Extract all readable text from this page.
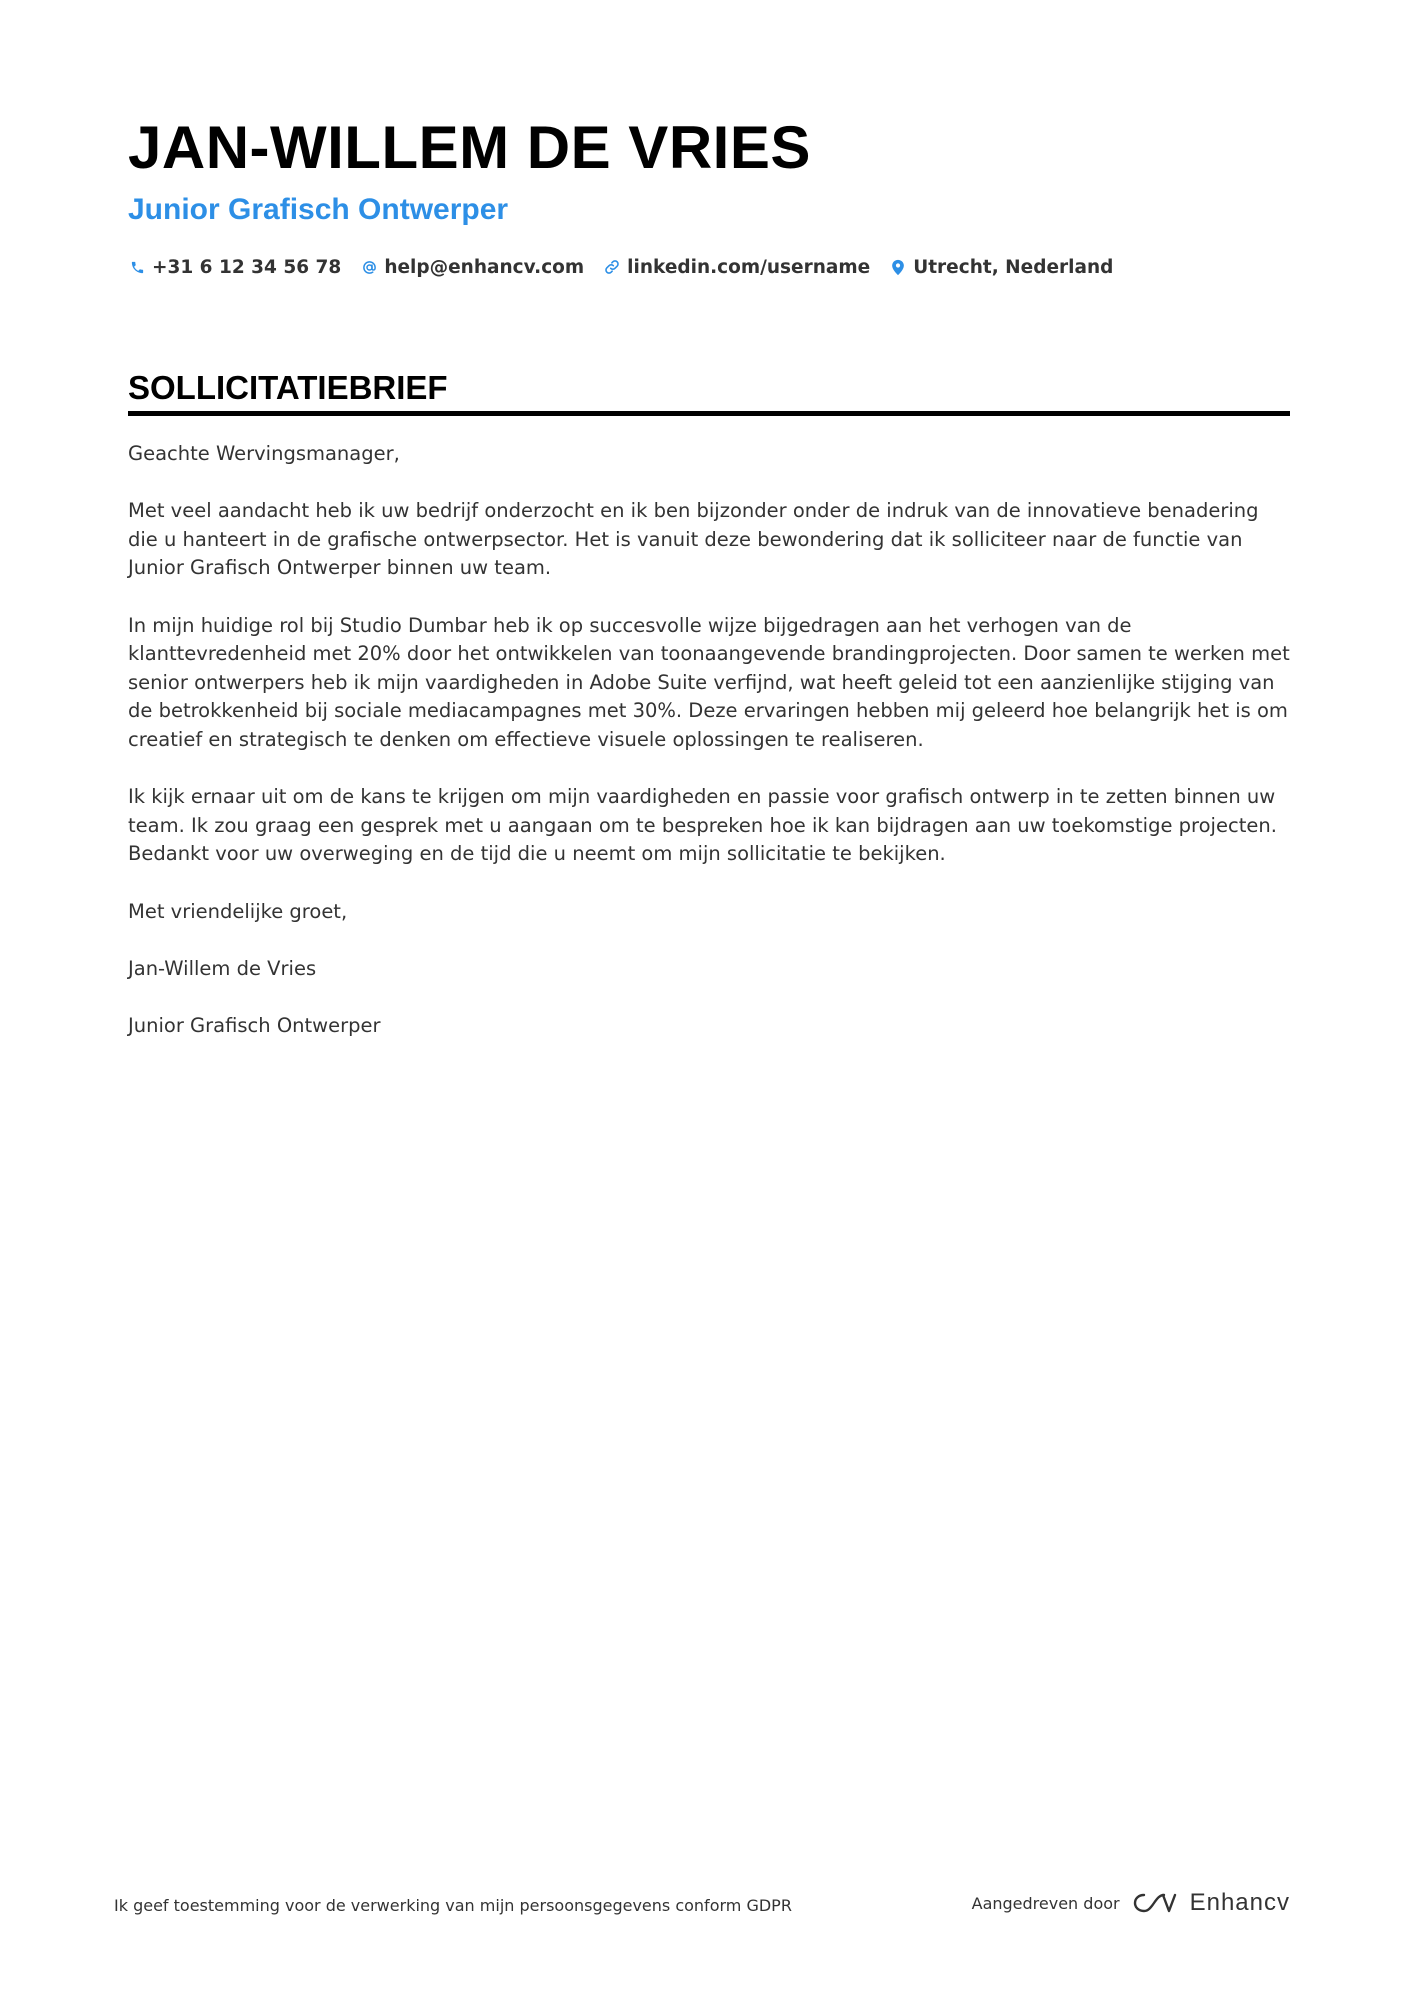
JAN-WILLEM DE VRIES
Junior Grafisch Ontwerper
+31 6 12 34 56 78 help@enhancv.com linkedin.com/username Utrecht, Nederland
SOLLICITATIEBRIEF

Geachte Wervingsmanager,

Met veel aandacht heb ik uw bedrijf onderzocht en ik ben bijzonder onder de indruk van de innovatieve benadering die u hanteert in de grafische ontwerpsector. Het is vanuit deze bewondering dat ik solliciteer naar de functie van Junior Grafisch Ontwerper binnen uw team.

In mijn huidige rol bij Studio Dumbar heb ik op succesvolle wijze bijgedragen aan het verhogen van de klanttevredenheid met 20% door het ontwikkelen van toonaangevende brandingprojecten. Door samen te werken met senior ontwerpers heb ik mijn vaardigheden in Adobe Suite verfijnd, wat heeft geleid tot een aanzienlijke stijging van de betrokkenheid bij sociale mediacampagnes met 30%. Deze ervaringen hebben mij geleerd hoe belangrijk het is om creatief en strategisch te denken om effectieve visuele oplossingen te realiseren.

Ik kijk ernaar uit om de kans te krijgen om mijn vaardigheden en passie voor grafisch ontwerp in te zetten binnen uw team. Ik zou graag een gesprek met u aangaan om te bespreken hoe ik kan bijdragen aan uw toekomstige projecten. Bedankt voor uw overweging en de tijd die u neemt om mijn sollicitatie te bekijken.

Met vriendelijke groet,

Jan-Willem de Vries

Junior Grafisch Ontwerper

Ik geef toestemming voor de verwerking van mijn persoonsgegevens conform GDPR	Aangedreven door	Enhancv
